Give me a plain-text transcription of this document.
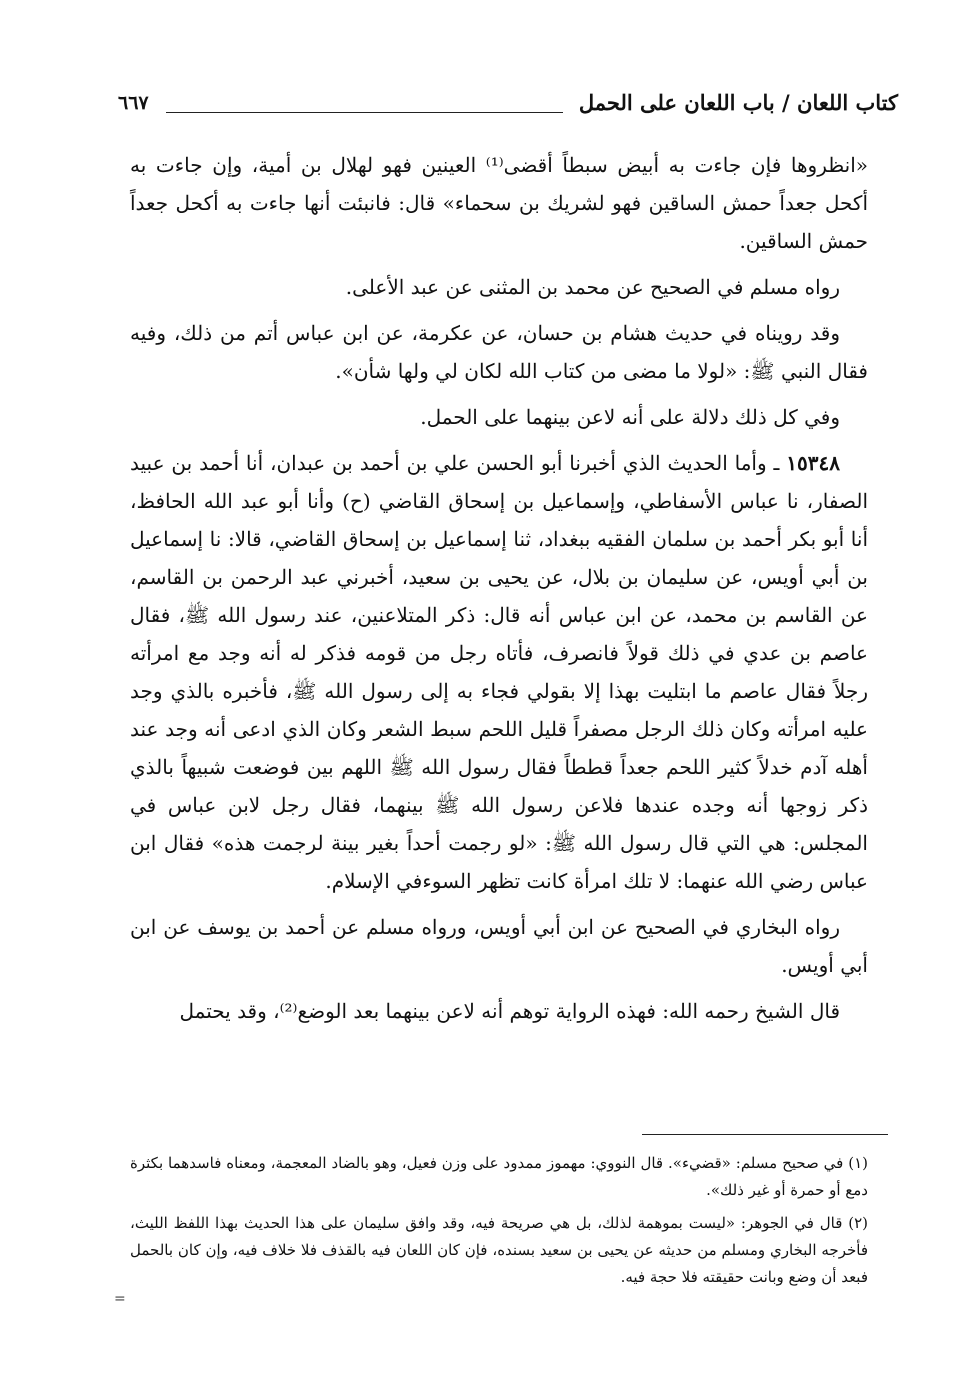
كتاب اللعان / باب اللعان على الحمل
٦٦٧

«انظروها فإن جاءت به أبيض سبطاً أقضى⁽¹⁾ العينين فهو لهلال بن أمية، وإن جاءت به أكحل جعداً حمش الساقين فهو لشريك بن سحماء» قال: فانبئت أنها جاءت به أكحل جعداً حمش الساقين.

رواه مسلم في الصحيح عن محمد بن المثنى عن عبد الأعلى.

وقد رويناه في حديث هشام بن حسان، عن عكرمة، عن ابن عباس أتم من ذلك، وفيه فقال النبي ﷺ: «لولا ما مضى من كتاب الله لكان لي ولها شأن».

وفي كل ذلك دلالة على أنه لاعن بينهما على الحمل.

١٥٣٤٨ ـ وأما الحديث الذي أخبرنا أبو الحسن علي بن أحمد بن عبدان، أنا أحمد بن عبيد الصفار، نا عباس الأسفاطي، وإسماعيل بن إسحاق القاضي (ح) وأنا أبو عبد الله الحافظ، أنا أبو بكر أحمد بن سلمان الفقيه ببغداد، ثنا إسماعيل بن إسحاق القاضي، قالا: نا إسماعيل بن أبي أويس، عن سليمان بن بلال، عن يحيى بن سعيد، أخبرني عبد الرحمن بن القاسم، عن القاسم بن محمد، عن ابن عباس أنه قال: ذكر المتلاعنين، عند رسول الله ﷺ، فقال عاصم بن عدي في ذلك قولاً فانصرف، فأتاه رجل من قومه فذكر له أنه وجد مع امرأته رجلاً فقال عاصم ما ابتليت بهذا إلا بقولي فجاء به إلى رسول الله ﷺ، فأخبره بالذي وجد عليه امرأته وكان ذلك الرجل مصفراً قليل اللحم سبط الشعر وكان الذي ادعى أنه وجد عند أهله آدم خدلاً كثير اللحم جعداً قططاً فقال رسول الله ﷺ اللهم بين فوضعت شبيهاً بالذي ذكر زوجها أنه وجده عندها فلاعن رسول الله ﷺ بينهما، فقال رجل لابن عباس في المجلس: هي التي قال رسول الله ﷺ: «لو رجمت أحداً بغير بينة لرجمت هذه» فقال ابن عباس رضي الله عنهما: لا تلك امرأة كانت تظهر السوءفي الإسلام.

رواه البخاري في الصحيح عن ابن أبي أويس، ورواه مسلم عن أحمد بن يوسف عن ابن أبي أويس.

قال الشيخ رحمه الله: فهذه الرواية توهم أنه لاعن بينهما بعد الوضع⁽²⁾، وقد يحتمل

(١) في صحيح مسلم: «قضيء». قال النووي: مهموز ممدود على وزن فعيل، وهو بالضاد المعجمة، ومعناه فاسدهما بكثرة دمع أو حمرة أو غير ذلك».

(٢) قال في الجوهر: «ليست بموهمة لذلك، بل هي صريحة فيه، وقد وافق سليمان على هذا الحديث بهذا اللفظ الليث، فأخرجه البخاري ومسلم من حديثه عن يحيى بن سعيد بسنده، فإن كان اللعان فيه بالقذف فلا خلاف فيه، وإن كان بالحمل فبعد أن وضع وبانت حقيقته فلا حجة فيه.

=
